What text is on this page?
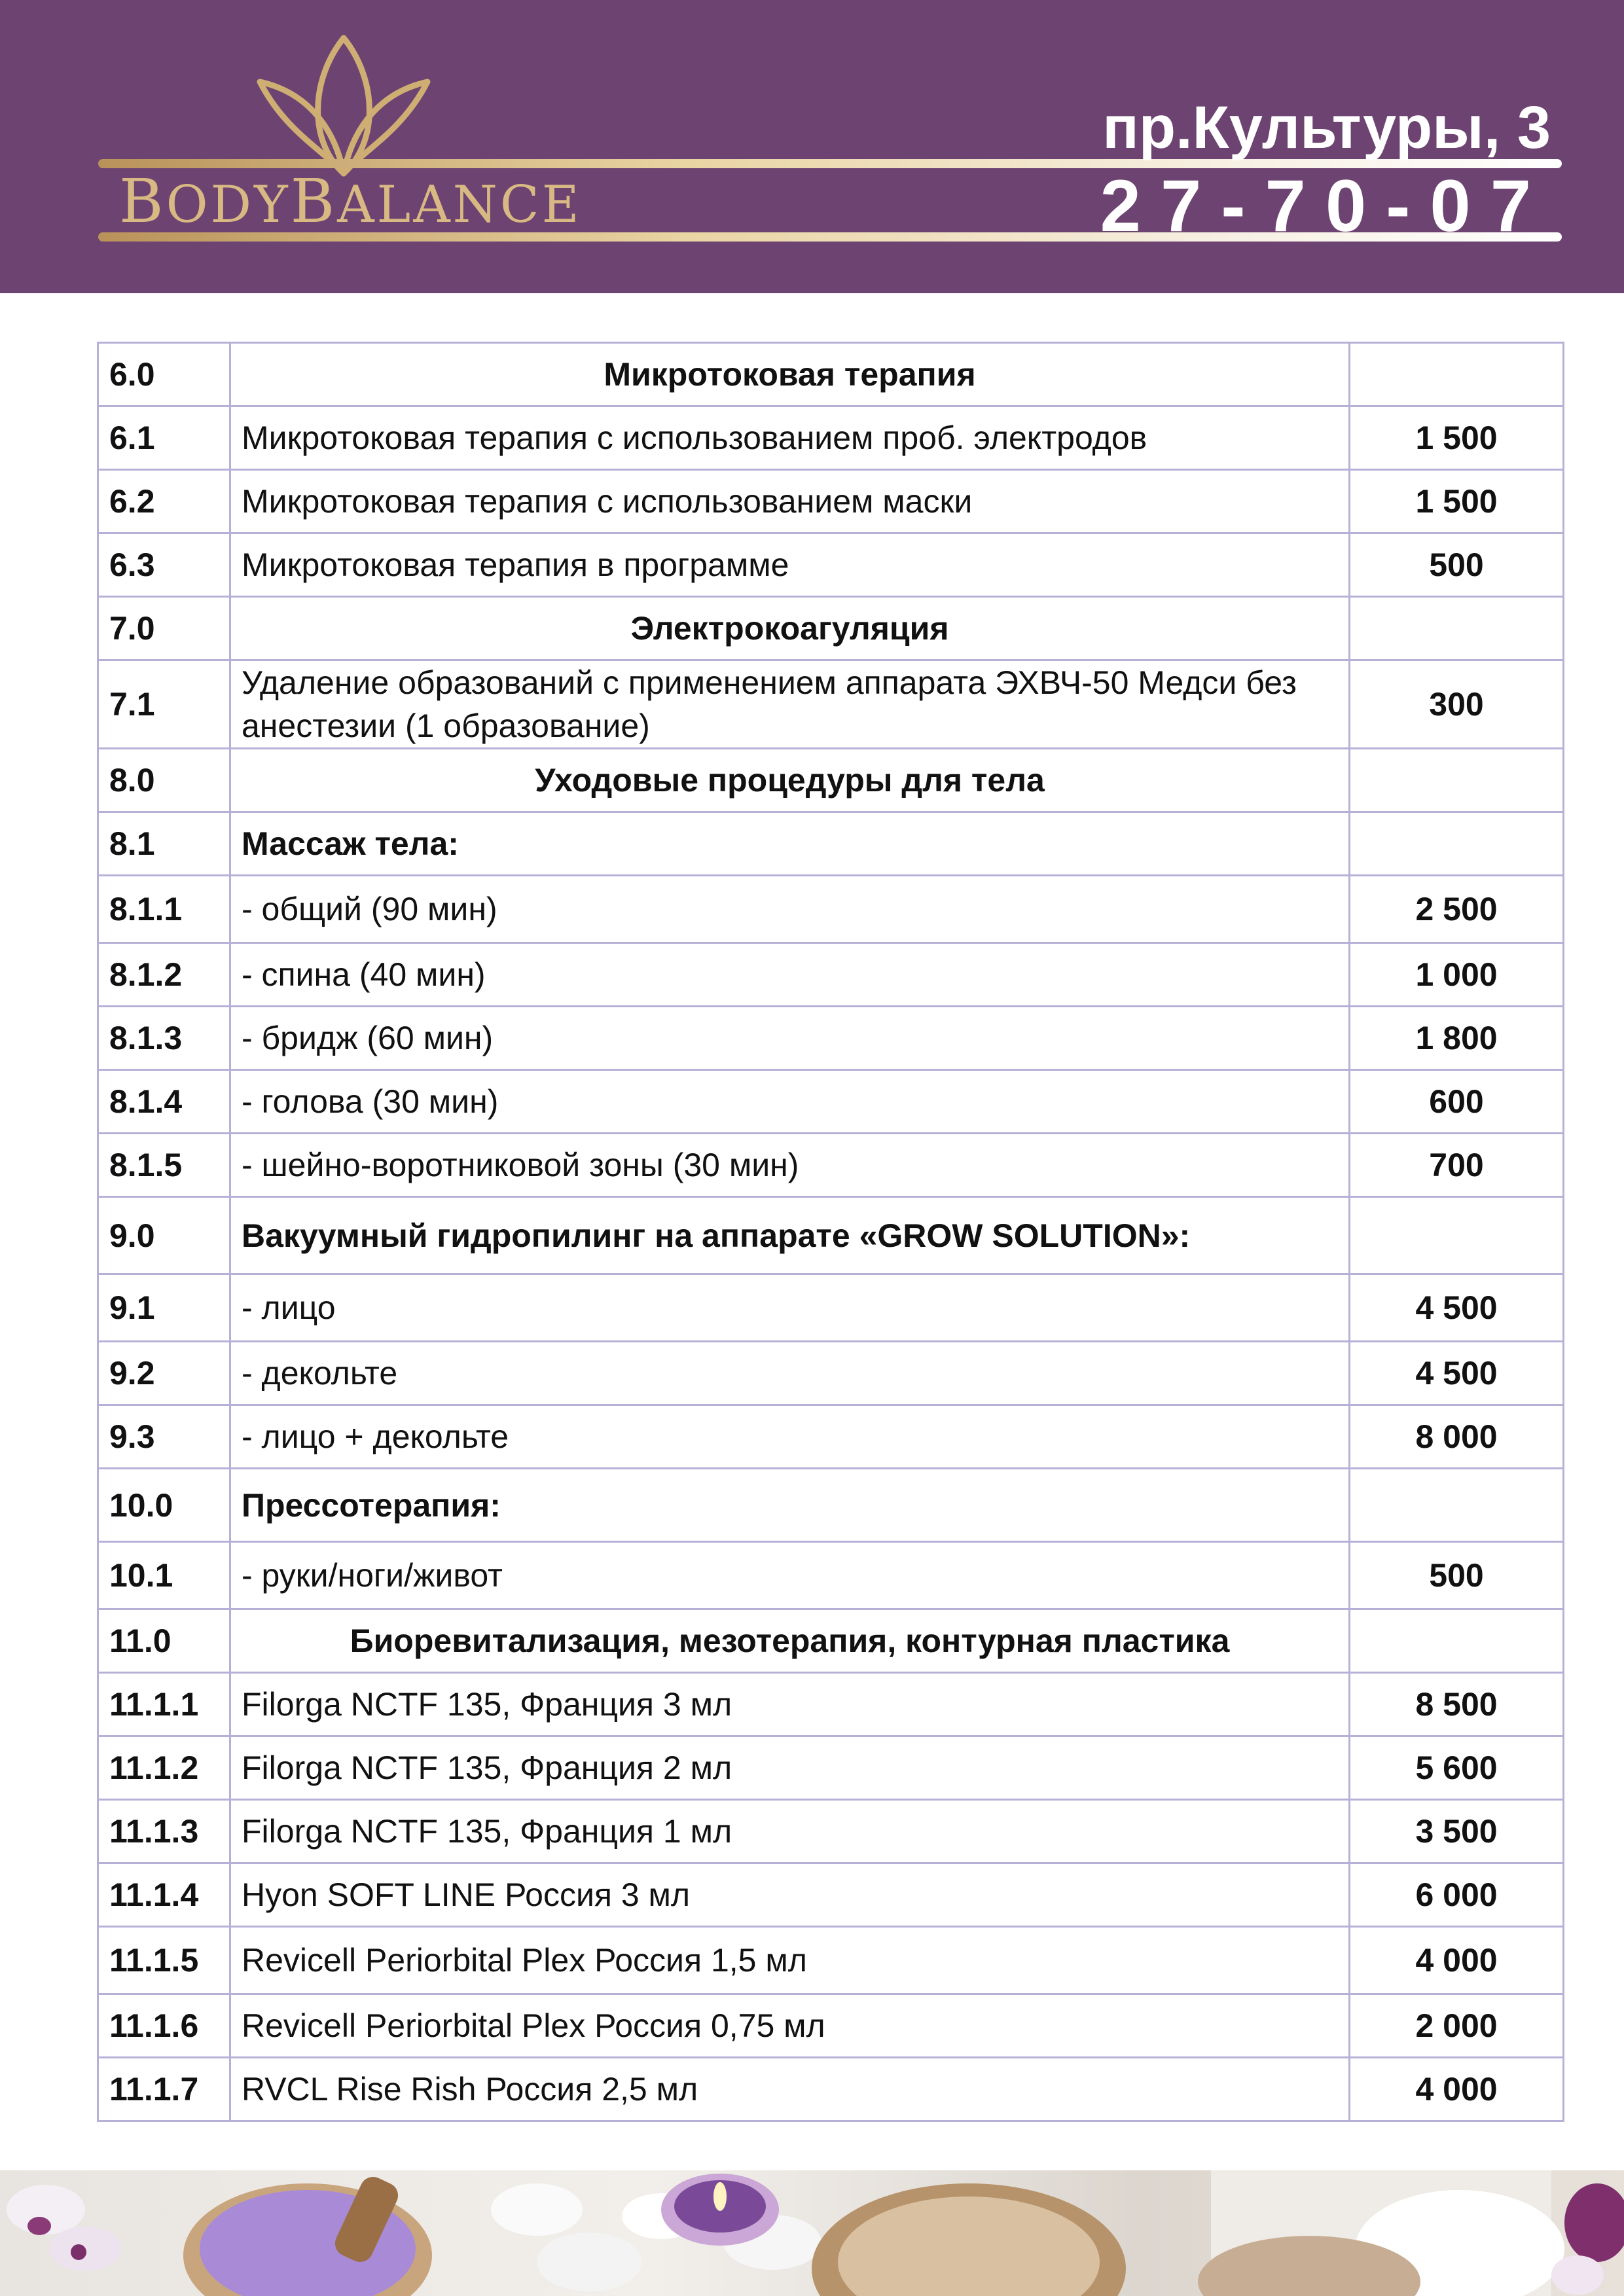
BODYBALANCE
пр.Культуры, 3
27-70-07
6.0	Микротоковая терапия	
6.1	Микротоковая терапия с использованием проб. электродов	1 500
6.2	Микротоковая терапия с использованием маски	1 500
6.3	Микротоковая терапия в программе	500
7.0	Электрокоагуляция	
7.1	Удаление образований с применением аппарата ЭХВЧ-50 Медси без анестезии (1 образование)	300
8.0	Уходовые процедуры для тела	
8.1	Массаж тела:	
8.1.1	- общий (90 мин)	2 500
8.1.2	- спина (40 мин)	1 000
8.1.3	- бридж (60 мин)	1 800
8.1.4	- голова (30 мин)	600
8.1.5	- шейно-воротниковой зоны (30 мин)	700
9.0	Вакуумный гидропилинг на аппарате «GROW SOLUTION»:	
9.1	- лицо	4 500
9.2	- декольте	4 500
9.3	- лицо + декольте	8 000
10.0	Прессотерапия:	
10.1	- руки/ноги/живот	500
11.0	Биоревитализация, мезотерапия, контурная пластика	
11.1.1	Filorga NCTF 135, Франция 3 мл	8 500
11.1.2	Filorga NCTF 135, Франция 2 мл	5 600
11.1.3	Filorga NCTF 135, Франция 1 мл	3 500
11.1.4	Hyon SOFT LINE Россия 3 мл	6 000
11.1.5	Revicell Periorbital Plex Россия 1,5 мл	4 000
11.1.6	Revicell Periorbital Plex Россия 0,75 мл	2 000
11.1.7	RVCL Rise Rish Россия 2,5 мл	4 000
